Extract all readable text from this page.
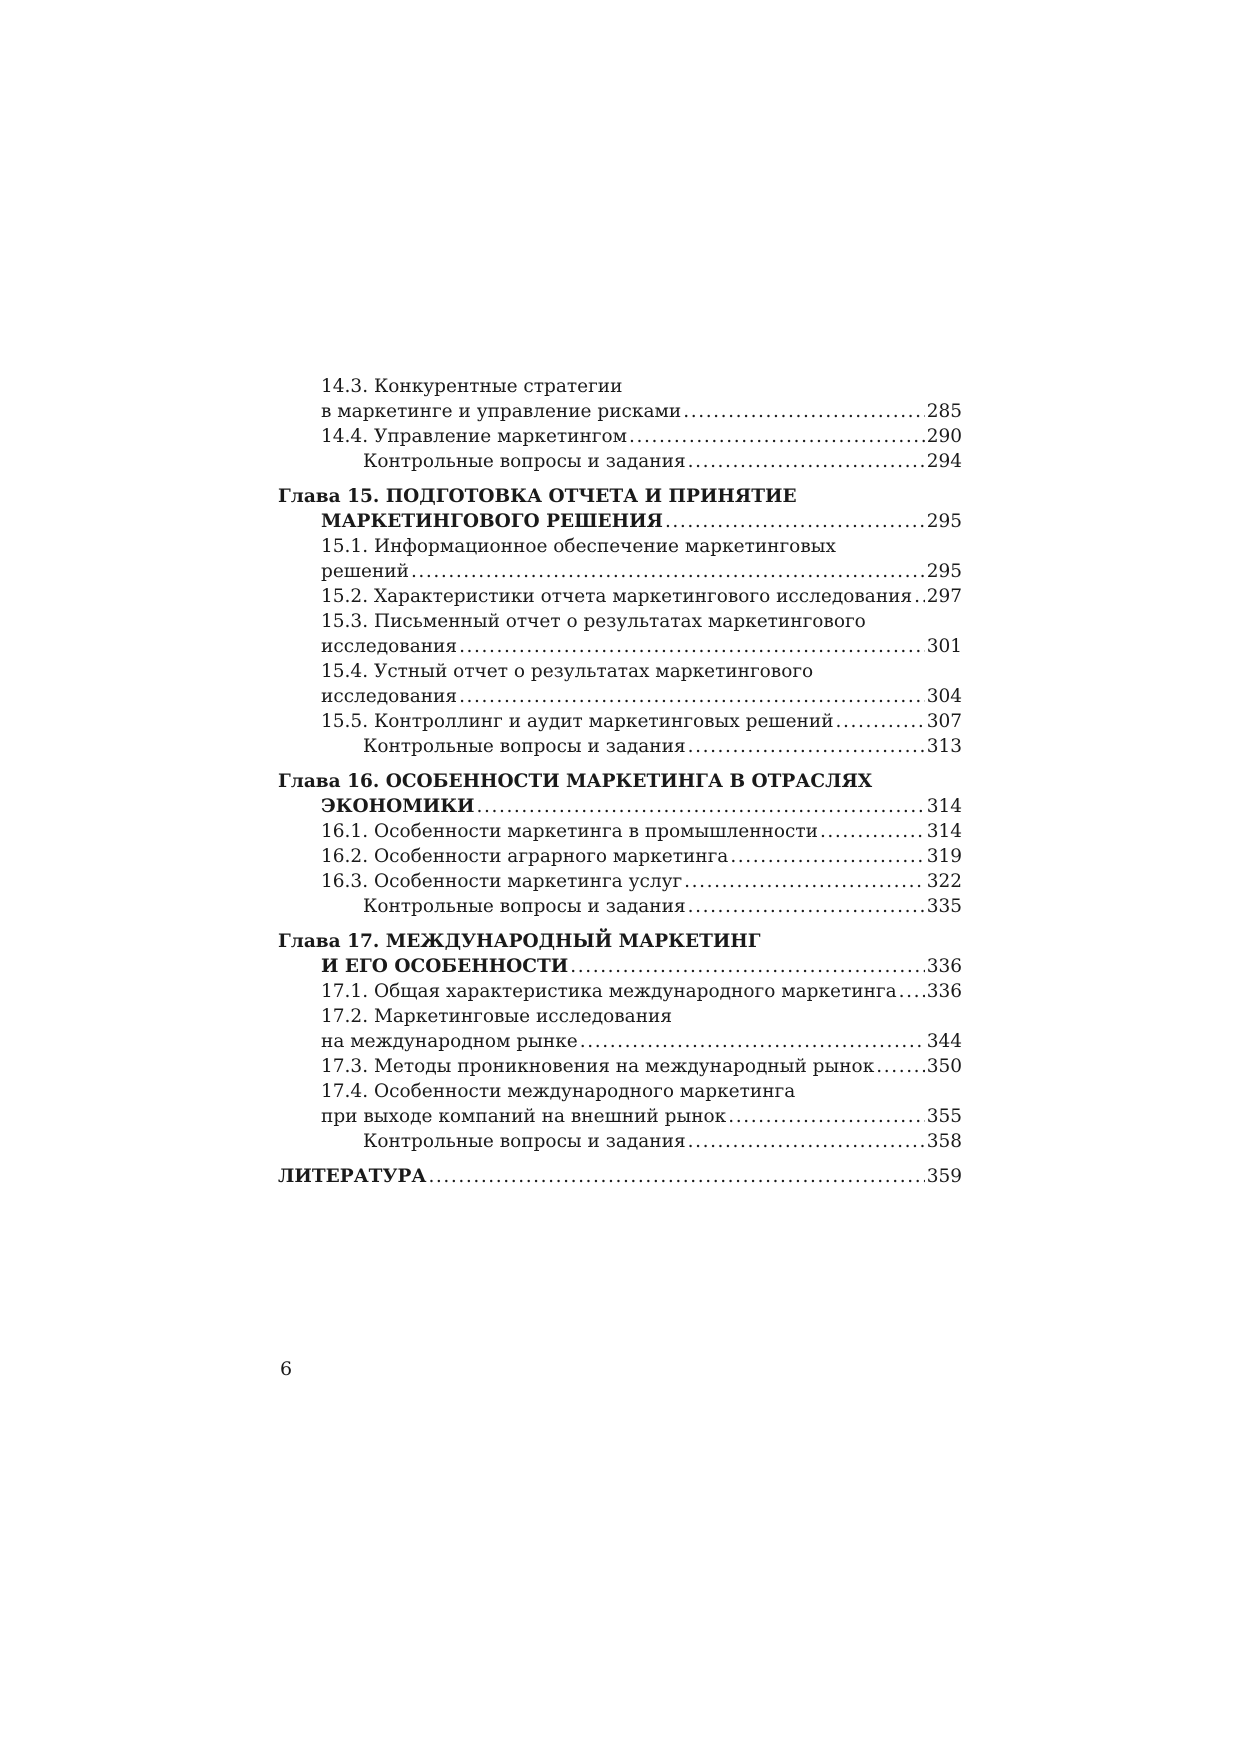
14.3. Конкурентные стратегии
в маркетинге и управление рисками .....	285
14.4. Управление маркетингом .....	290
Контрольные вопросы и задания .....	294
Глава 15. ПОДГОТОВКА ОТЧЕТА И ПРИНЯТИЕ
МАРКЕТИНГОВОГО РЕШЕНИЯ .....	295
15.1. Информационное обеспечение маркетинговых
решений .....	295
15.2. Характеристики отчета маркетингового исследования ..... 297
15.3. Письменный отчет о результатах маркетингового
исследования .....	301
15.4. Устный отчет о результатах маркетингового
исследования .....	304
15.5. Контроллинг и аудит маркетинговых решений .....	307
Контрольные вопросы и задания .....	313
Глава 16. ОСОБЕННОСТИ МАРКЕТИНГА В ОТРАСЛЯХ
ЭКОНОМИКИ .....	314
16.1. Особенности маркетинга в промышленности .....	314
16.2. Особенности аграрного маркетинга .....	319
16.3. Особенности маркетинга услуг .....	322
Контрольные вопросы и задания .....	335
Глава 17. МЕЖДУНАРОДНЫЙ МАРКЕТИНГ
И ЕГО ОСОБЕННОСТИ .....	336
17.1. Общая характеристика международного маркетинга ..... 336
17.2. Маркетинговые исследования
на международном рынке .....	344
17.3. Методы проникновения на международный рынок .....	350
17.4. Особенности международного маркетинга
при выходе компаний на внешний рынок .....	355
Контрольные вопросы и задания .....	358
ЛИТЕРАТУРА .....	359
6
